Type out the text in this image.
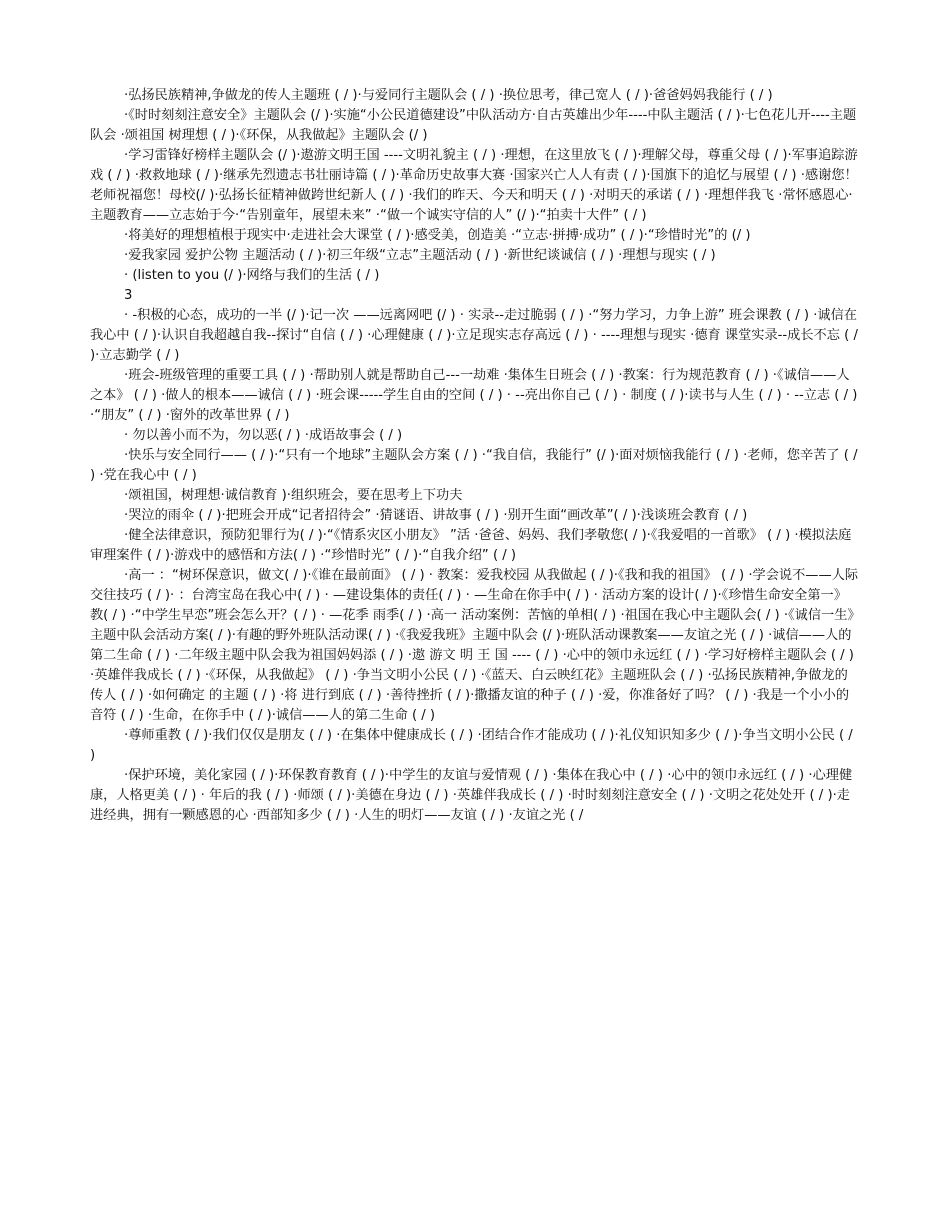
·弘扬民族精神,争做龙的传人主题班 ( / )·与爱同行主题队会 ( / ) ·换位思考，律己宽人 ( / )·爸爸妈妈我能行 ( / )

·《时时刻刻注意安全》主题队会 (/ )·实施“小公民道德建设”中队活动方·自古英雄出少年----中队主题活 ( / )·七色花儿开----主题队会 ·颂祖国 树理想 ( / )·《环保，从我做起》主题队会 (/ )

·学习雷锋好榜样主题队会 (/ )·遨游文明王国 ----文明礼貌主 ( / ) ·理想，在这里放飞 ( / )·理解父母，尊重父母 ( / )·军事追踪游戏 ( / ) ·救救地球 ( / )·继承先烈遗志书壮丽诗篇 ( / )·革命历史故事大赛 ·国家兴亡人人有责 ( / )·国旗下的追忆与展望 ( / ) ·感谢您！老师祝福您！母校(/ )·弘扬长征精神做跨世纪新人 ( / ) ·我们的昨天、今天和明天 ( / ) ·对明天的承诺 ( / ) ·理想伴我飞 ·常怀感恩心·主题教育——立志始于今·“告别童年，展望未来” ·“做一个诚实守信的人” (/ )·“拍卖十大件” ( / )

·将美好的理想植根于现实中·走进社会大课堂 ( / )·感受美，创造美 ·“立志·拼搏·成功” ( / )·“珍惜时光”的 (/ )

·爱我家园 爱护公物 主题活动 ( / )·初三年级“立志”主题活动 ( / ) ·新世纪谈诚信 ( / ) ·理想与现实 ( / )

· (listen to you (/ )·网络与我们的生活 ( / )

3

· -积极的心态，成功的一半 (/ )·记一次 ——远离网吧 (/ ) · 实录--走过脆弱 ( / ) ·“努力学习，力争上游” 班会课教 ( / ) ·诚信在我心中 ( / )·认识自我超越自我--探讨“自信 ( / ) ·心理健康 ( / )·立足现实志存高远 ( / ) · ----理想与现实 ·德育 课堂实录--成长不忘 ( / )·立志勤学 ( / )

·班会-班级管理的重要工具 ( / ) ·帮助别人就是帮助自己---一劫难 ·集体生日班会 ( / ) ·教案：行为规范教育 ( / ) ·《诚信——人之本》 ( / ) ·做人的根本——诚信 ( / ) ·班会课-----学生自由的空间 ( / ) · --亮出你自己 ( / ) · 制度 ( / )·读书与人生 ( / ) · --立志 ( / ) ·“朋友” ( / ) ·窗外的改革世界 ( / )

· 勿以善小而不为，勿以恶( / ) ·成语故事会 ( / )

·快乐与安全同行—— ( / )·“只有一个地球”主题队会方案 ( / ) ·“我自信，我能行” (/ )·面对烦恼我能行 ( / ) ·老师，您辛苦了 ( / ) ·党在我心中 ( / )

·颂祖国，树理想·诚信教育 )·组织班会，要在思考上下功夫

·哭泣的雨伞 ( / )·把班会开成“记者招待会” ·猜谜语、讲故事 ( / ) ·别开生面“画改革”( / )·浅谈班会教育 ( / )

·健全法律意识，预防犯罪行为( / )·“《情系灾区小朋友》 ”活 ·爸爸、妈妈、我们孝敬您( / )·《我爱唱的一首歌》 ( / ) ·模拟法庭审理案件 ( / )·游戏中的感悟和方法( / ) ·“珍惜时光” ( / )·“自我介绍” ( / )

·高一 ：“树环保意识，做文( / )·《谁在最前面》 ( / ) · 教案：爱我校园 从我做起 ( / )·《我和我的祖国》 ( / ) ·学会说不——人际交往技巧 ( / )· ：台湾宝岛在我心中( / ) · —建设集体的责任( / ) · —生命在你手中( / ) · 活动方案的设计( / )·《珍惜生命安全第一》 教( / ) ·“中学生早恋”班会怎么开？( / ) · —花季 雨季( / ) ·高一 活动案例：苦恼的单相( / ) ·祖国在我心中主题队会( / ) ·《诚信一生》主题中队会活动方案( / )·有趣的野外班队活动课( / ) ·《我爱我班》主题中队会 (/ )·班队活动课教案——友谊之光 ( / ) ·诚信——人的第二生命 ( / ) ·二年级主题中队会我为祖国妈妈添 ( / ) ·遨 游文 明 王 国 ---- ( / ) ·心中的领巾永远红 ( / ) ·学习好榜样主题队会 ( / ) ·英雄伴我成长 ( / ) ·《环保，从我做起》 ( / ) ·争当文明小公民 ( / ) ·《蓝天、白云映红花》主题班队会 ( / ) ·弘扬民族精神,争做龙的传人 ( / ) ·如何确定 的主题 ( / ) ·将 进行到底 ( / ) ·善待挫折 ( / )·撒播友谊的种子 ( / ) ·爱，你准备好了吗？ ( / ) ·我是一个小小的音符 ( / ) ·生命，在你手中 ( / )·诚信——人的第二生命 ( / )

·尊师重教 ( / )·我们仅仅是朋友 ( / ) ·在集体中健康成长 ( / ) ·团结合作才能成功 ( / )·礼仪知识知多少 ( / )·争当文明小公民 ( / )

·保护环境，美化家园 ( / )·环保教育教育 ( / )·中学生的友谊与爱情观 ( / ) ·集体在我心中 ( / ) ·心中的领巾永远红 ( / ) ·心理健康，人格更美 ( / ) · 年后的我 ( / ) ·师颂 ( / )·美德在身边 ( / ) ·英雄伴我成长 ( / ) ·时时刻刻注意安全 ( / ) ·文明之花处处开 ( / )·走进经典，拥有一颗感恩的心 ·西部知多少 ( / ) ·人生的明灯——友谊 ( / ) ·友谊之光 ( /
